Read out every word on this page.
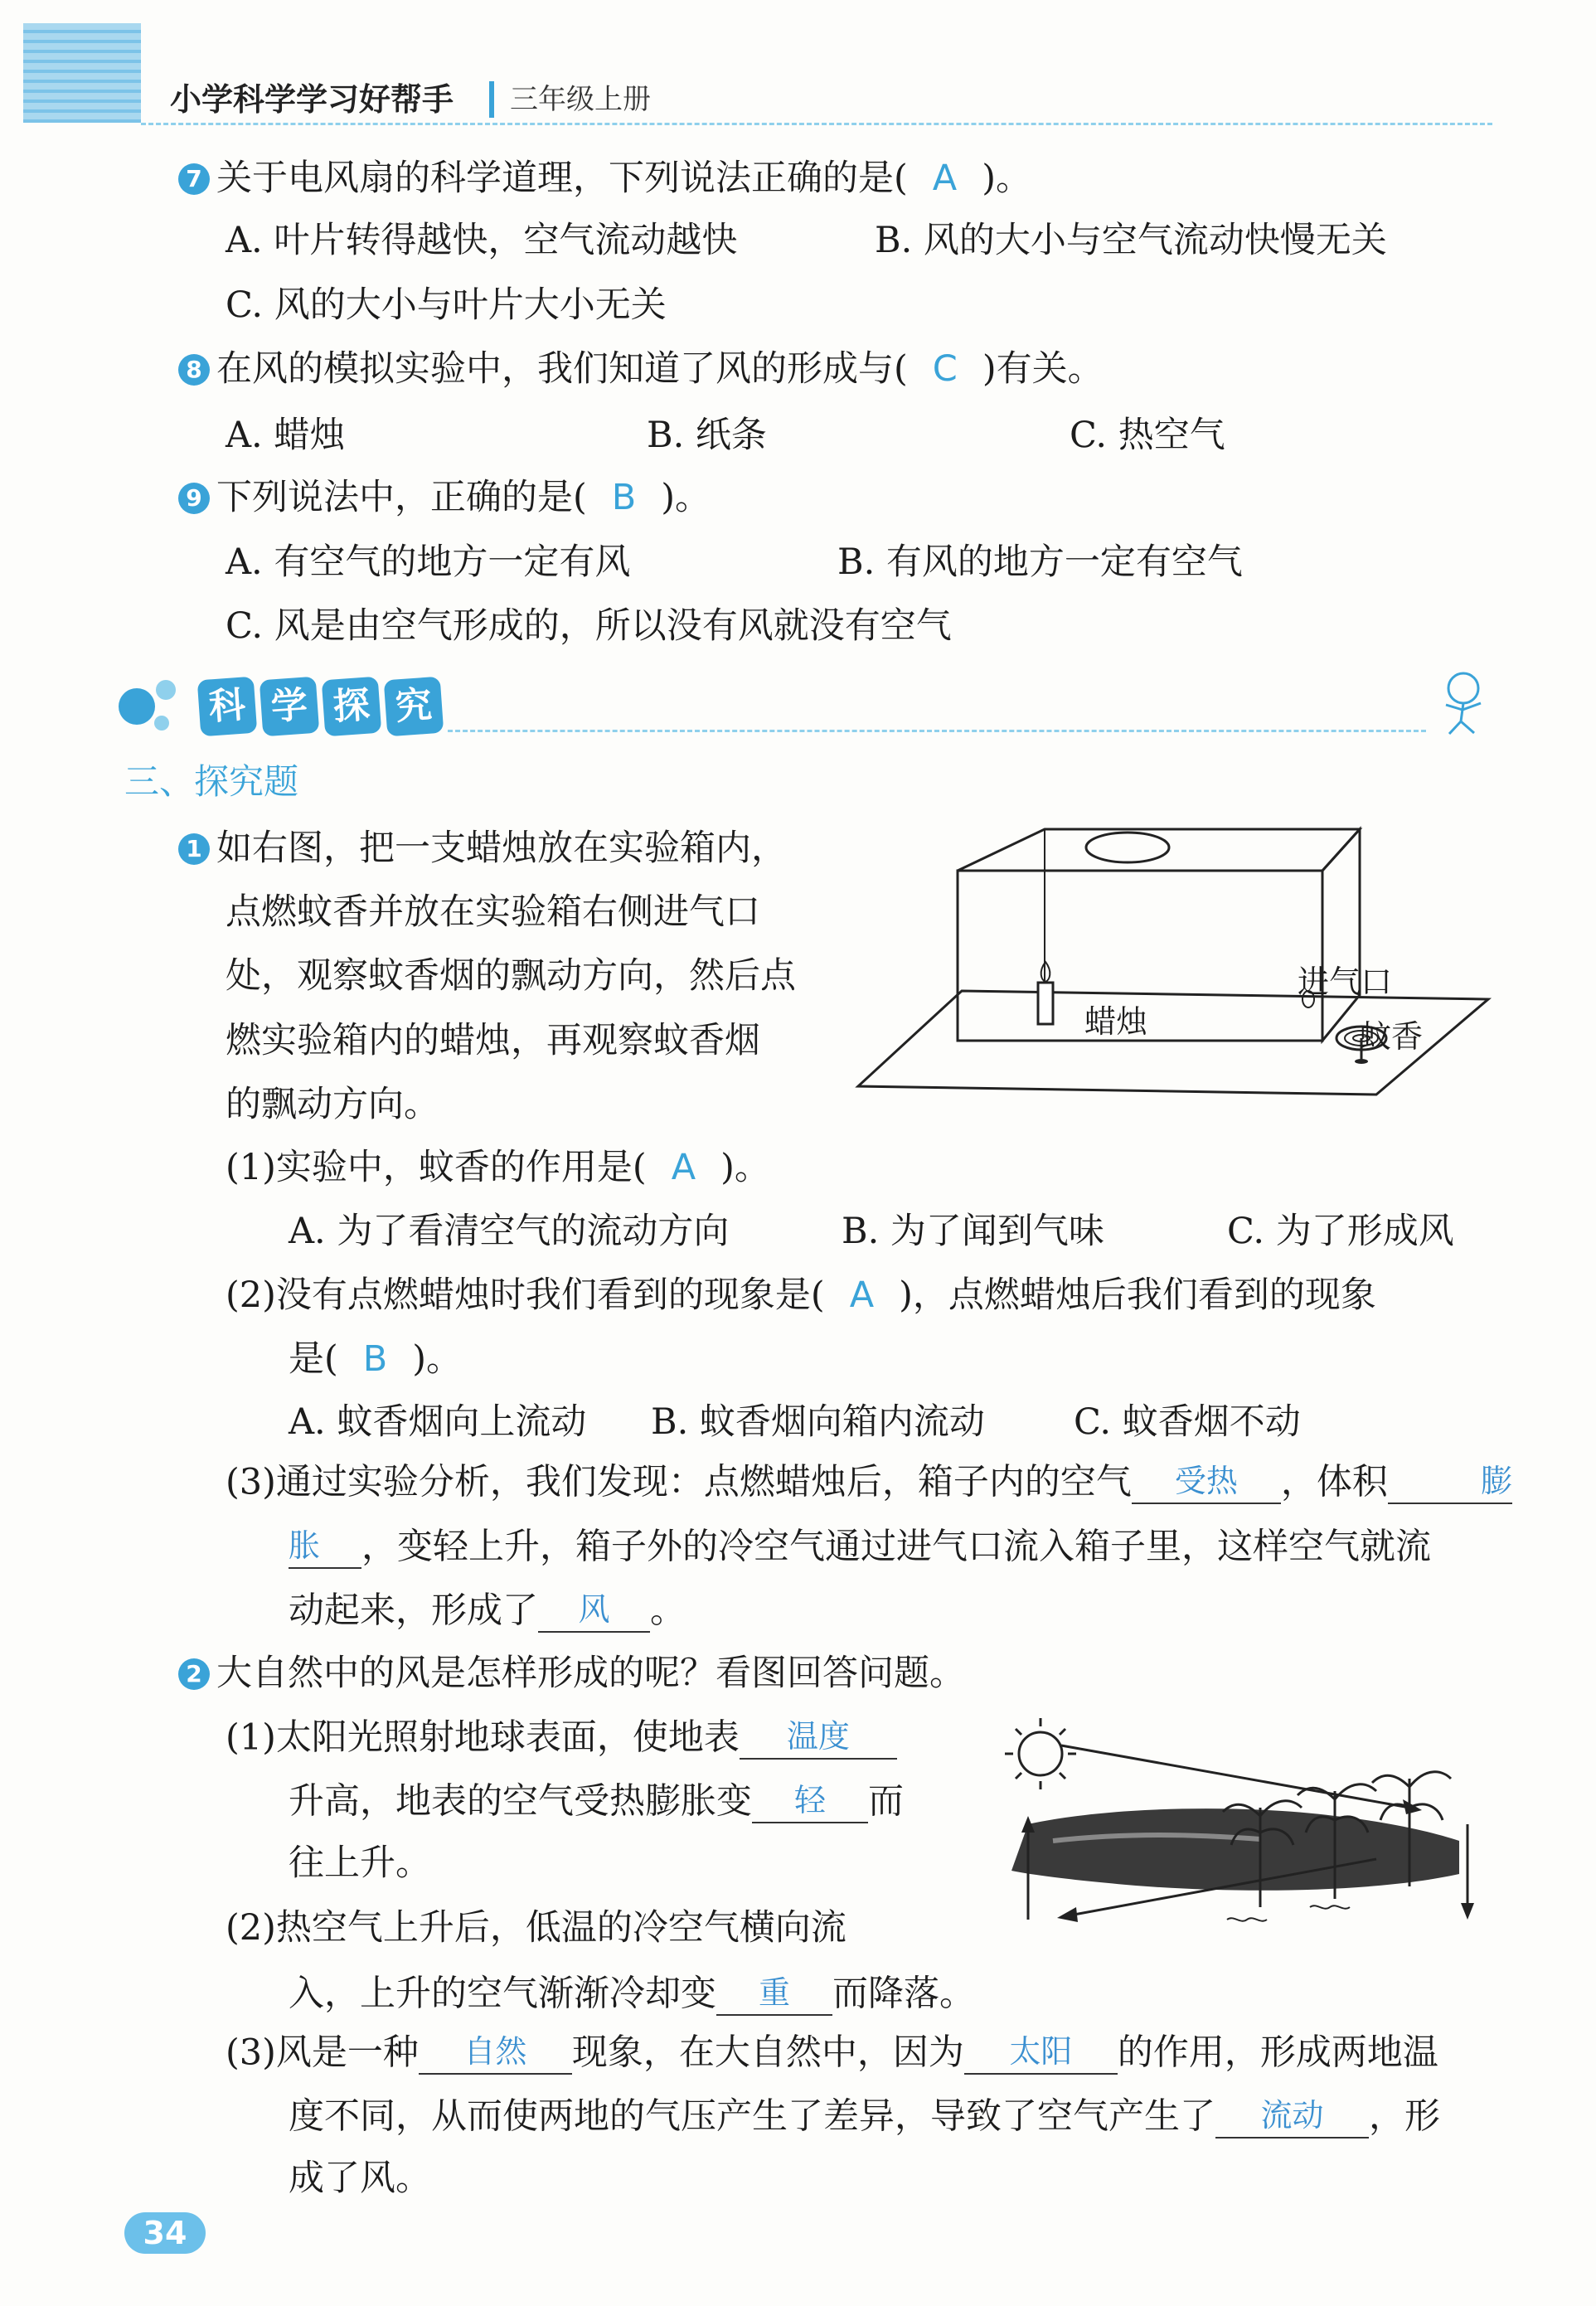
小学科学学习好帮手 三年级上册
7 关于电风扇的科学道理，下列说法正确的是( A )。
A. 叶片转得越快，空气流动越快	B. 风的大小与空气流动快慢无关
C. 风的大小与叶片大小无关
8 在风的模拟实验中，我们知道了风的形成与( C )有关。
A. 蜡烛	B. 纸条	C. 热空气
9 下列说法中，正确的是( B )。
A. 有空气的地方一定有风	B. 有风的地方一定有空气
C. 风是由空气形成的，所以没有风就没有空气
科 学 探 究
三、探究题
1 如右图，把一支蜡烛放在实验箱内，
点燃蚊香并放在实验箱右侧进气口
处，观察蚊香烟的飘动方向，然后点
燃实验箱内的蜡烛，再观察蚊香烟
的飘动方向。
进气口
蜡烛	蚊香
(1)实验中，蚊香的作用是( A )。
A. 为了看清空气的流动方向	B. 为了闻到气味	C. 为了形成风
(2)没有点燃蜡烛时我们看到的现象是( A )，点燃蜡烛后我们看到的现象
是( B )。
A. 蚊香烟向上流动 B. 蚊香烟向箱内流动 C. 蚊香烟不动
(3)通过实验分析，我们发现：点燃蜡烛后，箱子内的空气 受热 ，体积	膨
胀 ，变轻上升，箱子外的冷空气通过进气口流入箱子里，这样空气就流
动起来，形成了 风 。
2 大自然中的风是怎样形成的呢？看图回答问题。
(1)太阳光照射地球表面，使地表 温度
升高，地表的空气受热膨胀变 轻 而
往上升。
(2)热空气上升后，低温的冷空气横向流
入，上升的空气渐渐冷却变 重 而降落。
(3)风是一种 自然 现象，在大自然中，因为 太阳 的作用，形成两地温
度不同，从而使两地的气压产生了差异，导致了空气产生了 流动 ，形
成了风。
34
